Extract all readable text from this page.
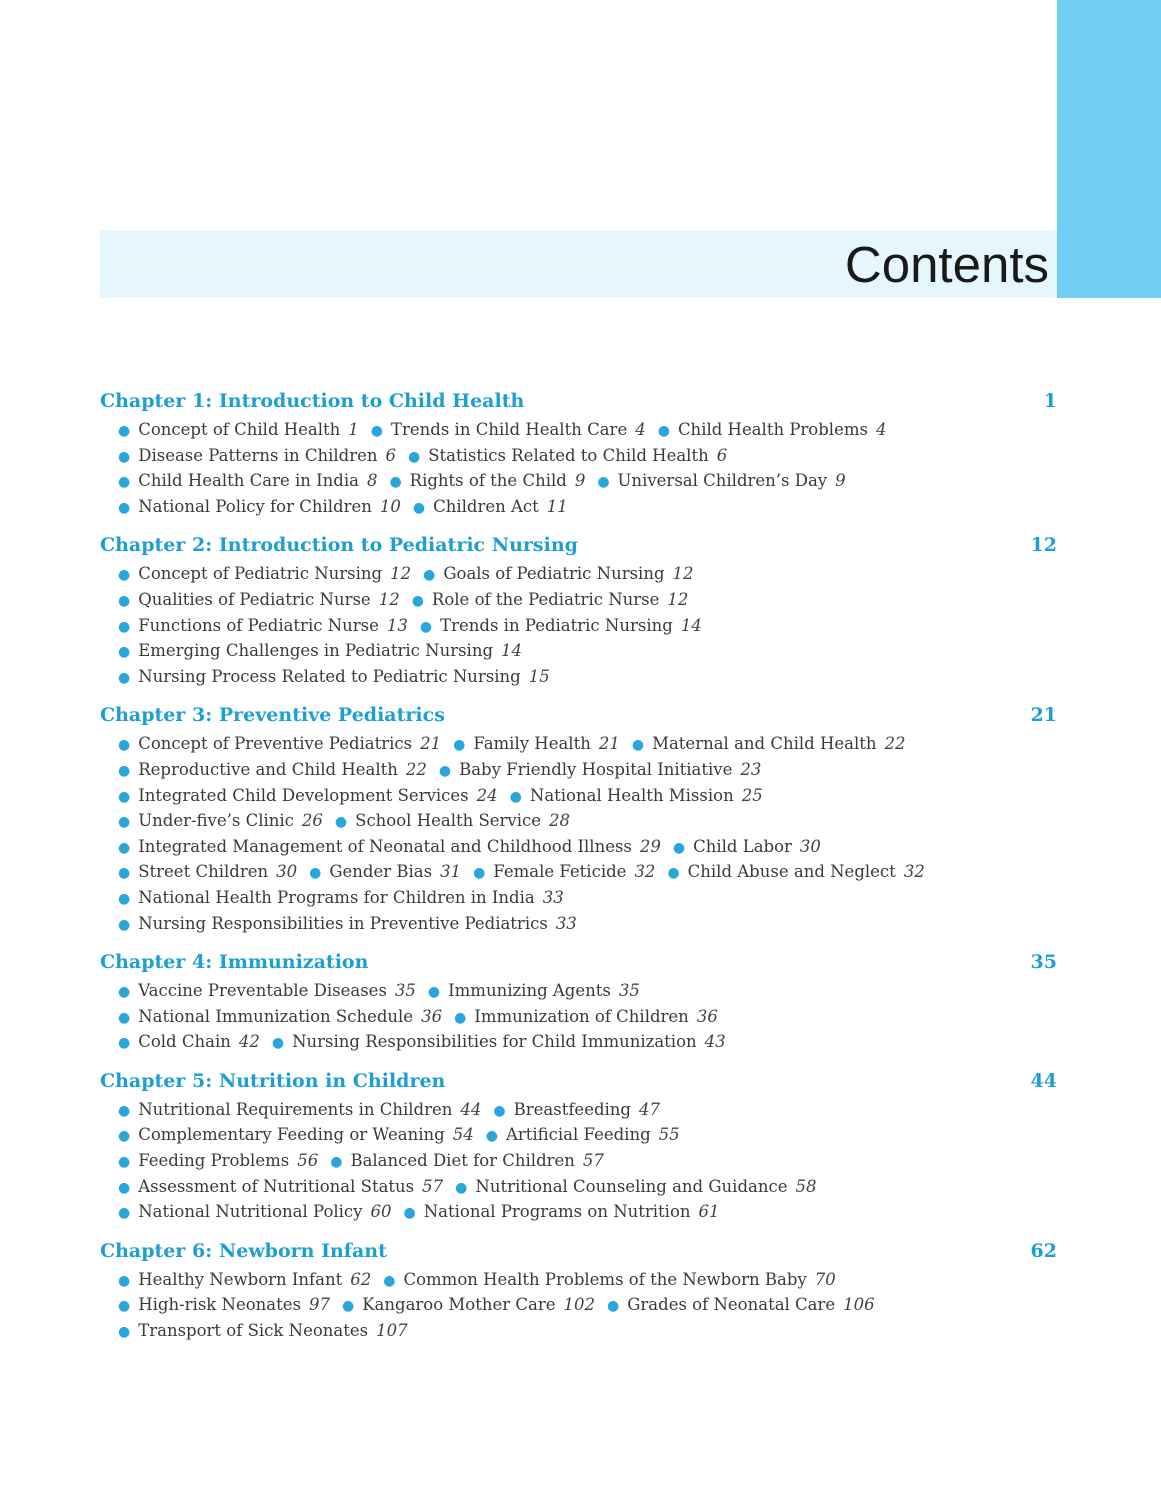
Contents
Chapter 1: Introduction to Child Health	1
● Concept of Child Health 1 ● Trends in Child Health Care 4 ● Child Health Problems 4
● Disease Patterns in Children 6 ● Statistics Related to Child Health 6
● Child Health Care in India 8 ● Rights of the Child 9 ● Universal Children’s Day 9
● National Policy for Children 10 ● Children Act 11
Chapter 2: Introduction to Pediatric Nursing	12
● Concept of Pediatric Nursing 12 ● Goals of Pediatric Nursing 12
● Qualities of Pediatric Nurse 12 ● Role of the Pediatric Nurse 12
● Functions of Pediatric Nurse 13 ● Trends in Pediatric Nursing 14
● Emerging Challenges in Pediatric Nursing 14
● Nursing Process Related to Pediatric Nursing 15
Chapter 3: Preventive Pediatrics	21
● Concept of Preventive Pediatrics 21 ● Family Health 21 ● Maternal and Child Health 22
● Reproductive and Child Health 22 ● Baby Friendly Hospital Initiative 23
● Integrated Child Development Services 24 ● National Health Mission 25
● Under-five’s Clinic 26 ● School Health Service 28
● Integrated Management of Neonatal and Childhood Illness 29 ● Child Labor 30
● Street Children 30 ● Gender Bias 31 ● Female Feticide 32 ● Child Abuse and Neglect 32
● National Health Programs for Children in India 33
● Nursing Responsibilities in Preventive Pediatrics 33
Chapter 4: Immunization	35
● Vaccine Preventable Diseases 35 ● Immunizing Agents 35
● National Immunization Schedule 36 ● Immunization of Children 36
● Cold Chain 42 ● Nursing Responsibilities for Child Immunization 43
Chapter 5: Nutrition in Children	44
● Nutritional Requirements in Children 44 ● Breastfeeding 47
● Complementary Feeding or Weaning 54 ● Artificial Feeding 55
● Feeding Problems 56 ● Balanced Diet for Children 57
● Assessment of Nutritional Status 57 ● Nutritional Counseling and Guidance 58
● National Nutritional Policy 60 ● National Programs on Nutrition 61
Chapter 6: Newborn Infant	62
● Healthy Newborn Infant 62 ● Common Health Problems of the Newborn Baby 70
● High-risk Neonates 97 ● Kangaroo Mother Care 102 ● Grades of Neonatal Care 106
● Transport of Sick Neonates 107
